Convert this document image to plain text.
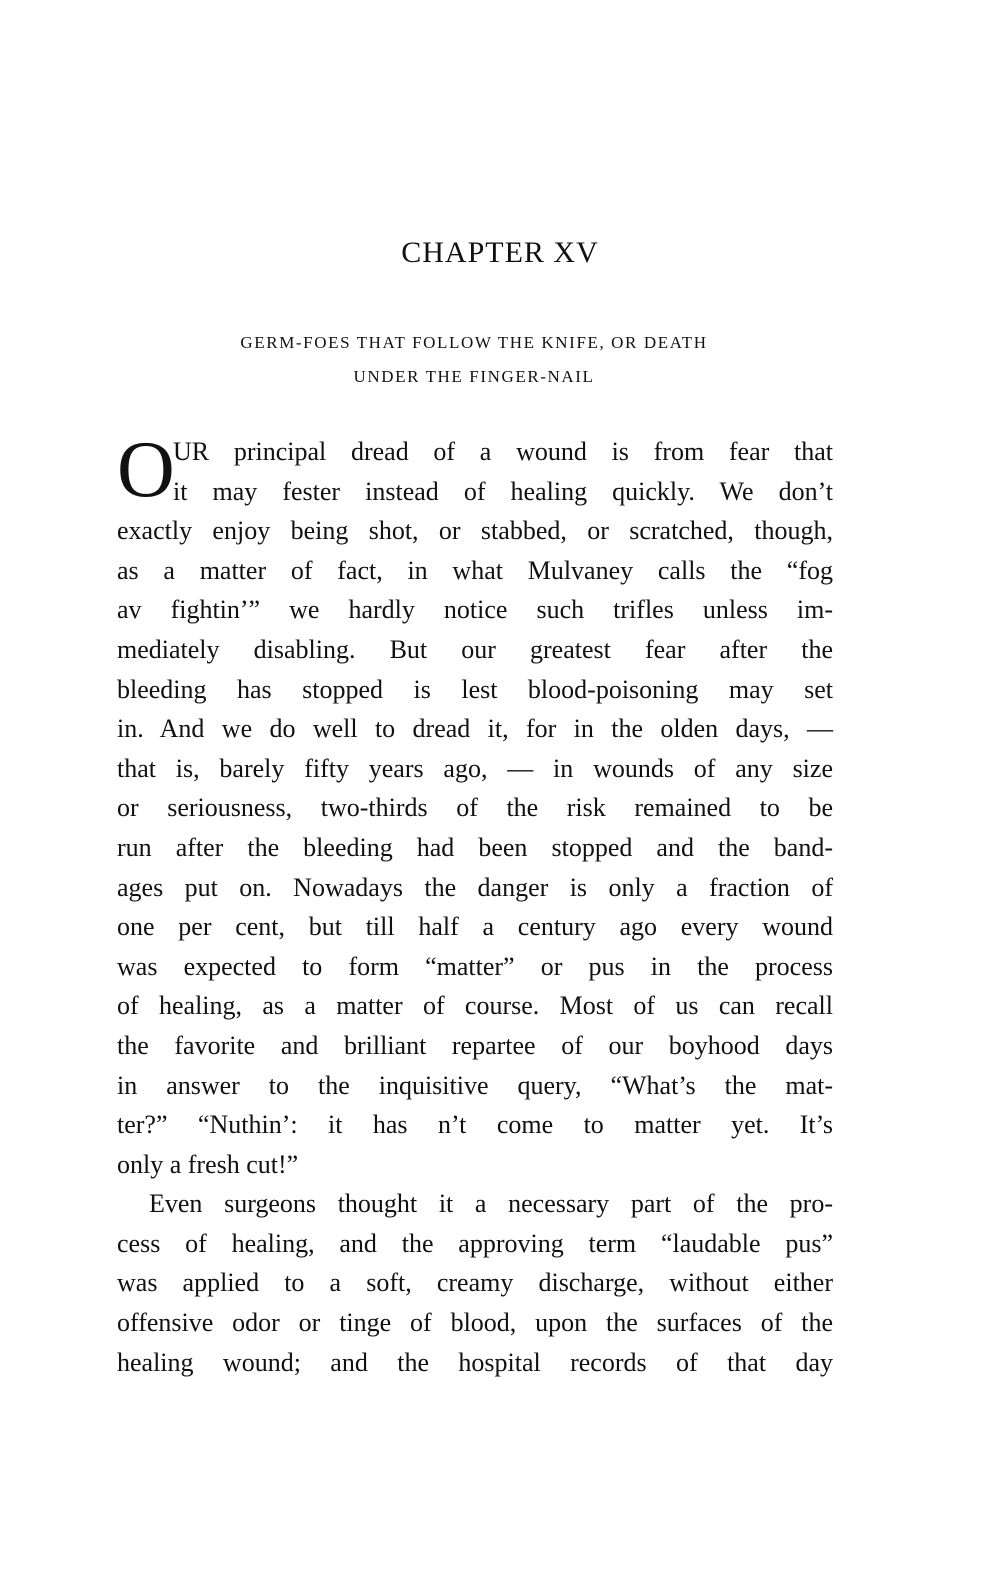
CHAPTER XV
GERM-FOES THAT FOLLOW THE KNIFE, OR DEATH
UNDER THE FINGER-NAIL
O
UR principal dread of a wound is from fear that
it may fester instead of healing quickly. We don’t
exactly enjoy being shot, or stabbed, or scratched, though,
as a matter of fact, in what Mulvaney calls the “fog
av fightin’” we hardly notice such trifles unless im-
mediately disabling. But our greatest fear after the
bleeding has stopped is lest blood-poisoning may set
in. And we do well to dread it, for in the olden days, —
that is, barely fifty years ago, — in wounds of any size
or seriousness, two-thirds of the risk remained to be
run after the bleeding had been stopped and the band-
ages put on. Nowadays the danger is only a fraction of
one per cent, but till half a century ago every wound
was expected to form “matter” or pus in the process
of healing, as a matter of course. Most of us can recall
the favorite and brilliant repartee of our boyhood days
in answer to the inquisitive query, “What’s the mat-
ter?” “Nuthin’: it has n’t come to matter yet. It’s
only a fresh cut!”
Even surgeons thought it a necessary part of the pro-
cess of healing, and the approving term “laudable pus”
was applied to a soft, creamy discharge, without either
offensive odor or tinge of blood, upon the surfaces of the
healing wound; and the hospital records of that day
